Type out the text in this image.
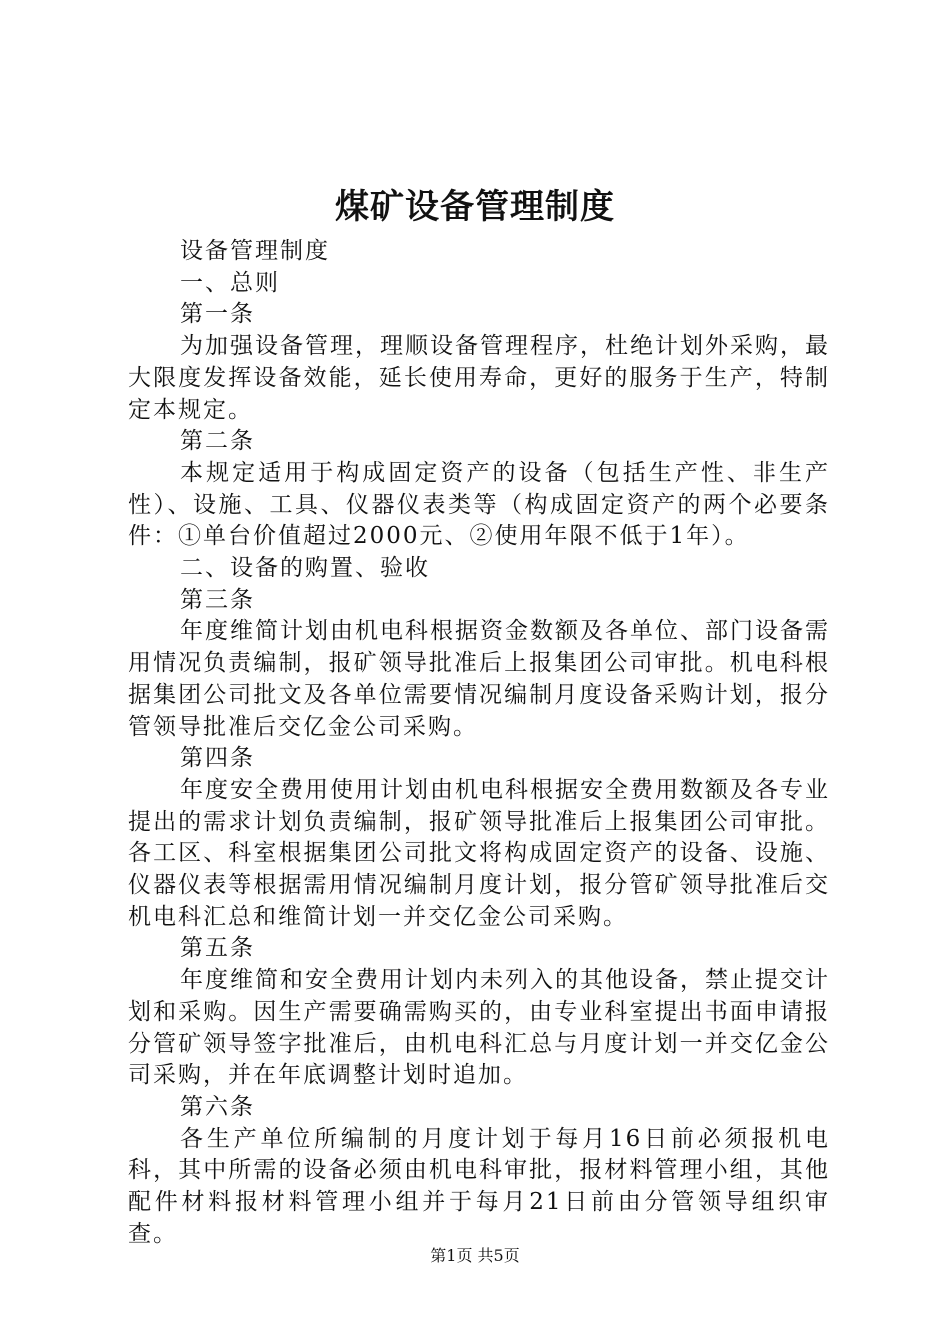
煤矿设备管理制度

设备管理制度

一、总则

第一条

为加强设备管理，理顺设备管理程序，杜绝计划外采购，最大限度发挥设备效能，延长使用寿命，更好的服务于生产，特制定本规定。

第二条

本规定适用于构成固定资产的设备（包括生产性、非生产性）、设施、工具、仪器仪表类等（构成固定资产的两个必要条件：①单台价值超过2000元、②使用年限不低于1年）。

二、设备的购置、验收

第三条

年度维简计划由机电科根据资金数额及各单位、部门设备需用情况负责编制，报矿领导批准后上报集团公司审批。机电科根据集团公司批文及各单位需要情况编制月度设备采购计划，报分管领导批准后交亿金公司采购。

第四条

年度安全费用使用计划由机电科根据安全费用数额及各专业提出的需求计划负责编制，报矿领导批准后上报集团公司审批。各工区、科室根据集团公司批文将构成固定资产的设备、设施、仪器仪表等根据需用情况编制月度计划，报分管矿领导批准后交机电科汇总和维简计划一并交亿金公司采购。

第五条

年度维简和安全费用计划内未列入的其他设备，禁止提交计划和采购。因生产需要确需购买的，由专业科室提出书面申请报分管矿领导签字批准后，由机电科汇总与月度计划一并交亿金公司采购，并在年底调整计划时追加。

第六条

各生产单位所编制的月度计划于每月16日前必须报机电科，其中所需的设备必须由机电科审批，报材料管理小组，其他配件材料报材料管理小组并于每月21日前由分管领导组织审查。

第1页 共5页
